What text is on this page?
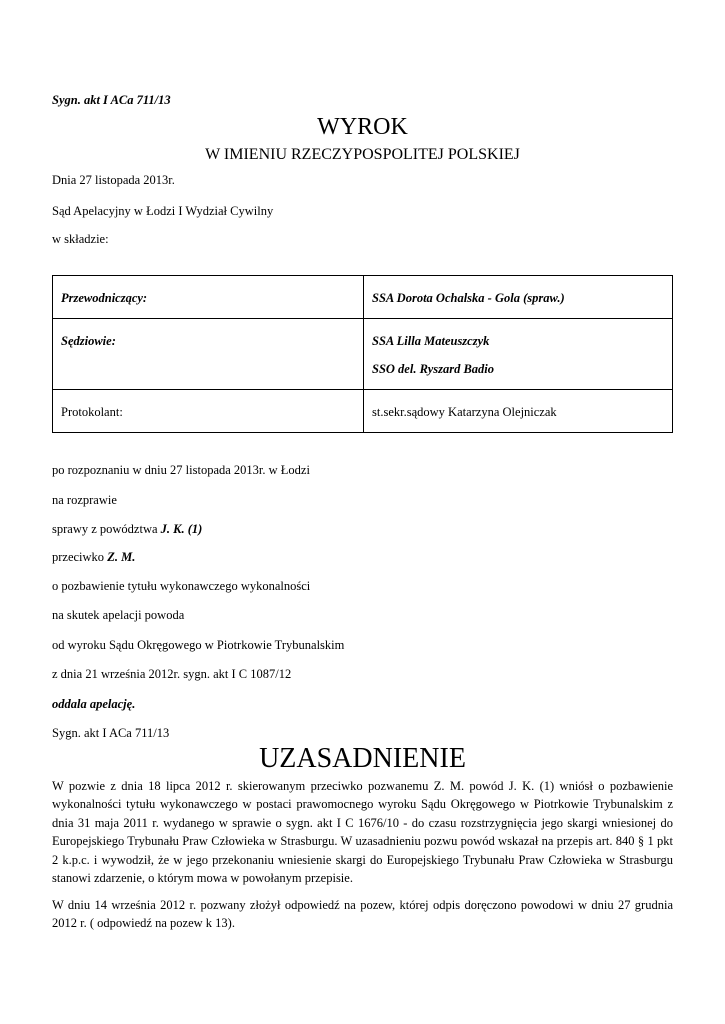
Sygn. akt I ACa 711/13
WYROK
W IMIENIU RZECZYPOSPOLITEJ POLSKIEJ
Dnia 27 listopada 2013r.
Sąd Apelacyjny w Łodzi I Wydział Cywilny
w składzie:
Przewodniczący:	SSA Dorota Ochalska - Gola (spraw.)

Sędziowie:	SSA Lilla Mateuszczyk
SSO del. Ryszard Badio

Protokolant:	st.sekr.sądowy Katarzyna Olejniczak
po rozpoznaniu w dniu 27 listopada 2013r. w Łodzi
na rozprawie
sprawy z powództwa J. K. (1)
przeciwko Z. M.
o pozbawienie tytułu wykonawczego wykonalności
na skutek apelacji powoda
od wyroku Sądu Okręgowego w Piotrkowie Trybunalskim
z dnia 21 września 2012r. sygn. akt I C 1087/12
oddala apelację.
Sygn. akt I ACa 711/13
UZASADNIENIE
W pozwie z dnia 18 lipca 2012 r. skierowanym przeciwko pozwanemu Z. M. powód J. K. (1) wniósł o pozbawienie wykonalności tytułu wykonawczego w postaci prawomocnego wyroku Sądu Okręgowego w Piotrkowie Trybunalskim z dnia 31 maja 2011 r. wydanego w sprawie o sygn. akt I C 1676/10 - do czasu rozstrzygnięcia jego skargi wniesionej do Europejskiego Trybunału Praw Człowieka w Strasburgu. W uzasadnieniu pozwu powód wskazał na przepis art. 840 § 1 pkt 2 k.p.c. i wywodził, że w jego przekonaniu wniesienie skargi do Europejskiego Trybunału Praw Człowieka w Strasburgu stanowi zdarzenie, o którym mowa w powołanym przepisie.
W dniu 14 września 2012 r. pozwany złożył odpowiedź na pozew, której odpis doręczono powodowi w dniu 27 grudnia 2012 r. ( odpowiedź na pozew k 13).
